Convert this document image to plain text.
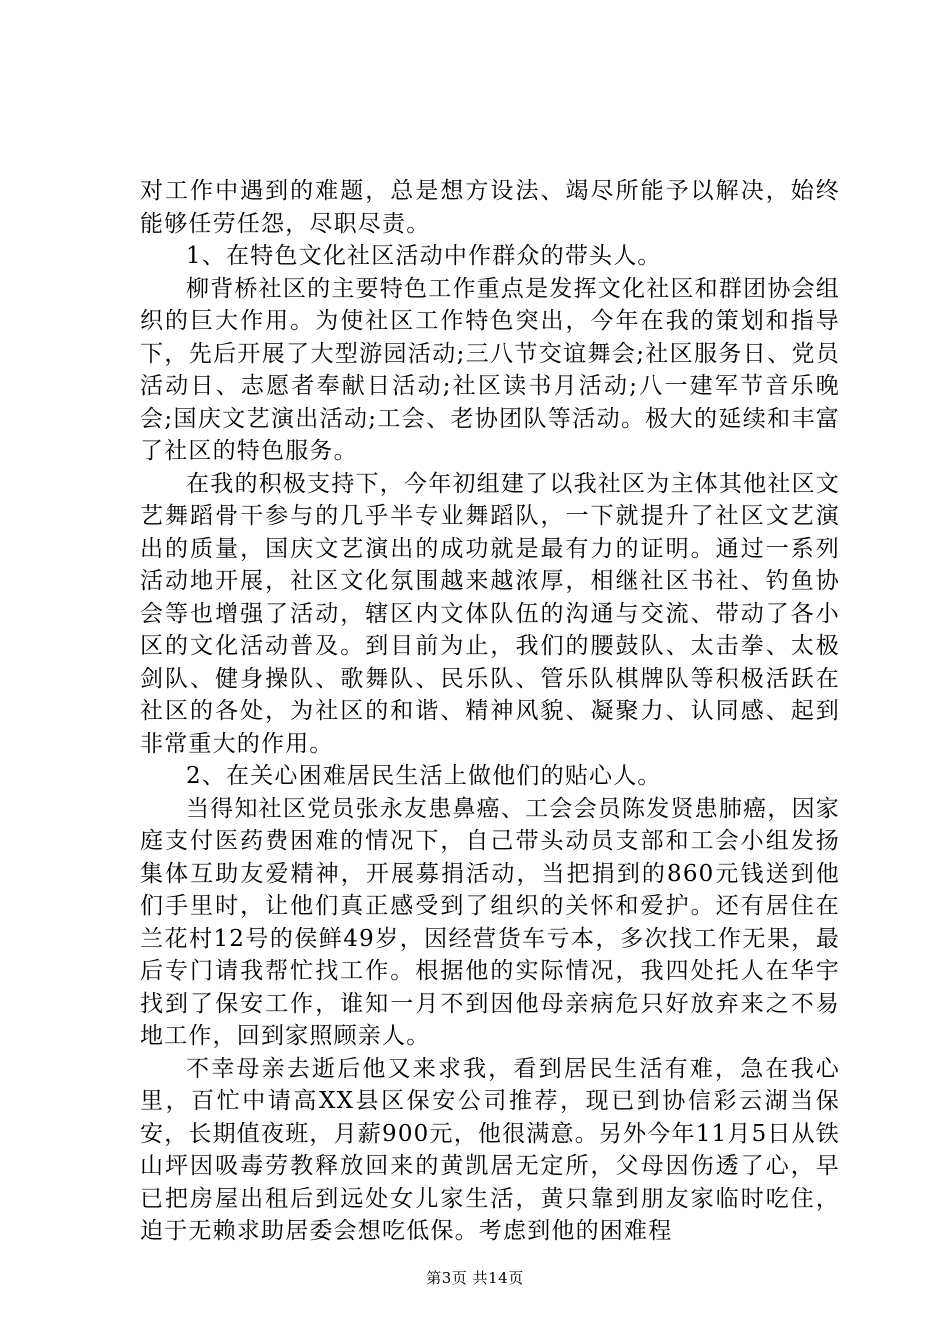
对工作中遇到的难题，总是想方设法、竭尽所能予以解决，始终能够任劳任怨，尽职尽责。

1、在特色文化社区活动中作群众的带头人。

柳背桥社区的主要特色工作重点是发挥文化社区和群团协会组织的巨大作用。为使社区工作特色突出，今年在我的策划和指导下，先后开展了大型游园活动;三八节交谊舞会;社区服务日、党员活动日、志愿者奉献日活动;社区读书月活动;八一建军节音乐晚会;国庆文艺演出活动;工会、老协团队等活动。极大的延续和丰富了社区的特色服务。

在我的积极支持下，今年初组建了以我社区为主体其他社区文艺舞蹈骨干参与的几乎半专业舞蹈队，一下就提升了社区文艺演出的质量，国庆文艺演出的成功就是最有力的证明。通过一系列活动地开展，社区文化氛围越来越浓厚，相继社区书社、钓鱼协会等也增强了活动，辖区内文体队伍的沟通与交流、带动了各小区的文化活动普及。到目前为止，我们的腰鼓队、太击拳、太极剑队、健身操队、歌舞队、民乐队、管乐队棋牌队等积极活跃在社区的各处，为社区的和谐、精神风貌、凝聚力、认同感、起到非常重大的作用。

2、在关心困难居民生活上做他们的贴心人。

当得知社区党员张永友患鼻癌、工会会员陈发贤患肺癌，因家庭支付医药费困难的情况下，自己带头动员支部和工会小组发扬集体互助友爱精神，开展募捐活动，当把捐到的860元钱送到他们手里时，让他们真正感受到了组织的关怀和爱护。还有居住在兰花村12号的侯鲜49岁，因经营货车亏本，多次找工作无果，最后专门请我帮忙找工作。根据他的实际情况，我四处托人在华宇找到了保安工作，谁知一月不到因他母亲病危只好放弃来之不易地工作，回到家照顾亲人。

不幸母亲去逝后他又来求我，看到居民生活有难，急在我心里，百忙中请高XX县区保安公司推荐，现已到协信彩云湖当保安，长期值夜班，月薪900元，他很满意。另外今年11月5日从铁山坪因吸毒劳教释放回来的黄凯居无定所，父母因伤透了心，早已把房屋出租后到远处女儿家生活，黄只靠到朋友家临时吃住，迫于无赖求助居委会想吃低保。考虑到他的困难程

第3页 共14页
